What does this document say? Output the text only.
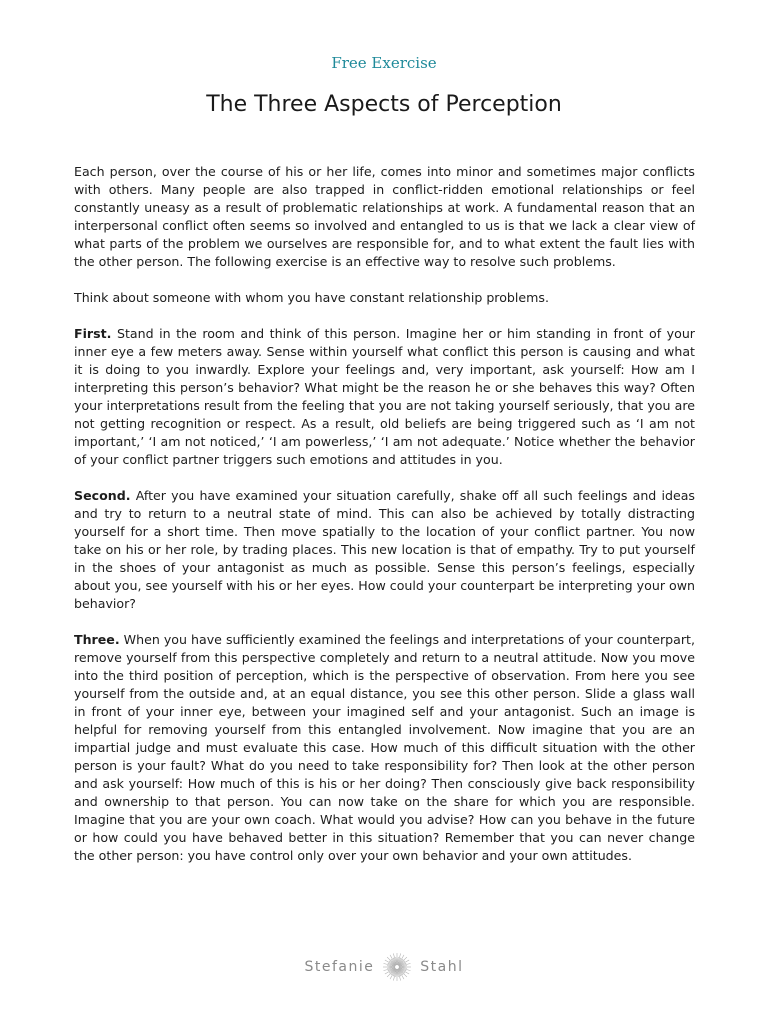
Free Exercise
The Three Aspects of Perception

Each person, over the course of his or her life, comes into minor and sometimes major conflicts with others. Many people are also trapped in conflict-ridden emotional relationships or feel constantly uneasy as a result of problematic relationships at work. A fundamental reason that an interpersonal conflict often seems so involved and entangled to us is that we lack a clear view of what parts of the problem we ourselves are responsible for, and to what extent the fault lies with the other person. The following exercise is an effective way to resolve such problems.

Think about someone with whom you have constant relationship problems.

First. Stand in the room and think of this person. Imagine her or him standing in front of your inner eye a few meters away. Sense within yourself what conflict this person is causing and what it is doing to you inwardly. Explore your feelings and, very important, ask yourself: How am I interpreting this person’s behavior? What might be the reason he or she behaves this way? Often your interpretations result from the feeling that you are not taking yourself seriously, that you are not getting recognition or respect. As a result, old beliefs are being triggered such as ‘I am not important,’ ‘I am not noticed,’ ‘I am powerless,’ ‘I am not adequate.’ Notice whether the behavior of your conflict partner triggers such emotions and attitudes in you.

Second. After you have examined your situation carefully, shake off all such feelings and ideas and try to return to a neutral state of mind. This can also be achieved by totally distracting yourself for a short time. Then move spatially to the location of your conflict partner. You now take on his or her role, by trading places. This new location is that of empathy. Try to put yourself in the shoes of your antagonist as much as possible. Sense this person’s feelings, especially about you, see yourself with his or her eyes. How could your counterpart be interpreting your own behavior?

Three. When you have sufficiently examined the feelings and interpretations of your counterpart, remove yourself from this perspective completely and return to a neutral attitude. Now you move into the third position of perception, which is the perspective of observation. From here you see yourself from the outside and, at an equal distance, you see this other person. Slide a glass wall in front of your inner eye, between your imagined self and your antagonist. Such an image is helpful for removing yourself from this entangled involvement. Now imagine that you are an impartial judge and must evaluate this case. How much of this difficult situation with the other person is your fault? What do you need to take responsibility for? Then look at the other person and ask yourself: How much of this is his or her doing? Then consciously give back responsibility and ownership to that person. You can now take on the share for which you are responsible. Imagine that you are your own coach. What would you advise? How can you behave in the future or how could you have behaved better in this situation? Remember that you can never change the other person: you have control only over your own behavior and your own attitudes.

Stefanie	Stahl
